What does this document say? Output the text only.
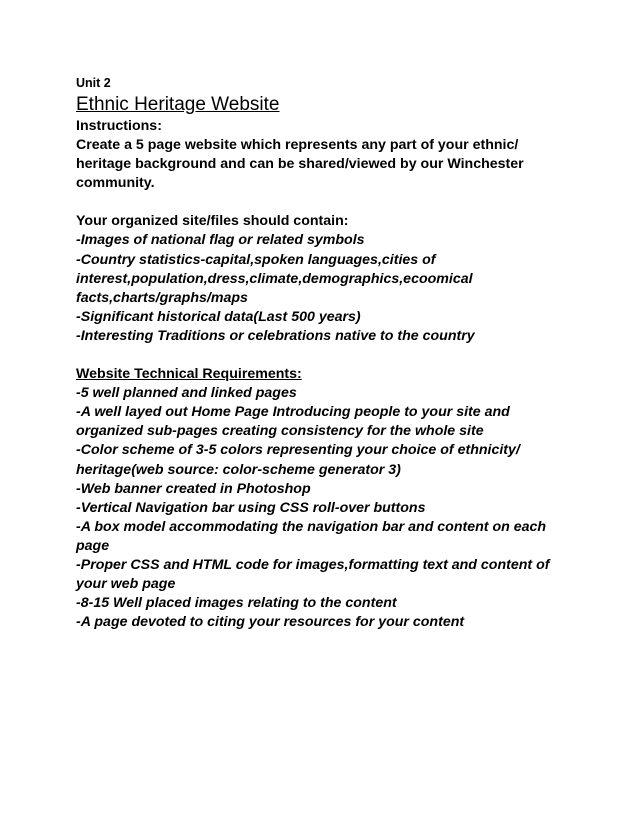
Unit 2

Ethnic Heritage Website

Instructions:

Create a 5 page website which represents any part of your ethnic/

heritage background and can be shared/viewed by our Winchester

community.

Your organized site/files should contain:

-Images of national flag or related symbols

-Country statistics-capital,spoken languages,cities of

interest,population,dress,climate,demographics,ecoomical

facts,charts/graphs/maps

-Significant historical data(Last 500 years)

-Interesting Traditions or celebrations native to the country

Website Technical Requirements:

-5 well planned and linked pages

-A well layed out Home Page Introducing people to your site and

organized sub-pages creating consistency for the whole site

-Color scheme of 3-5 colors representing your choice of ethnicity/

heritage(web source: color-scheme generator 3)

-Web banner created in Photoshop

-Vertical Navigation bar using CSS roll-over buttons

-A box model accommodating the navigation bar and content on each

page

-Proper CSS and HTML code for images,formatting text and content of

your web page

-8-15 Well placed images relating to the content

-A page devoted to citing your resources for your content
